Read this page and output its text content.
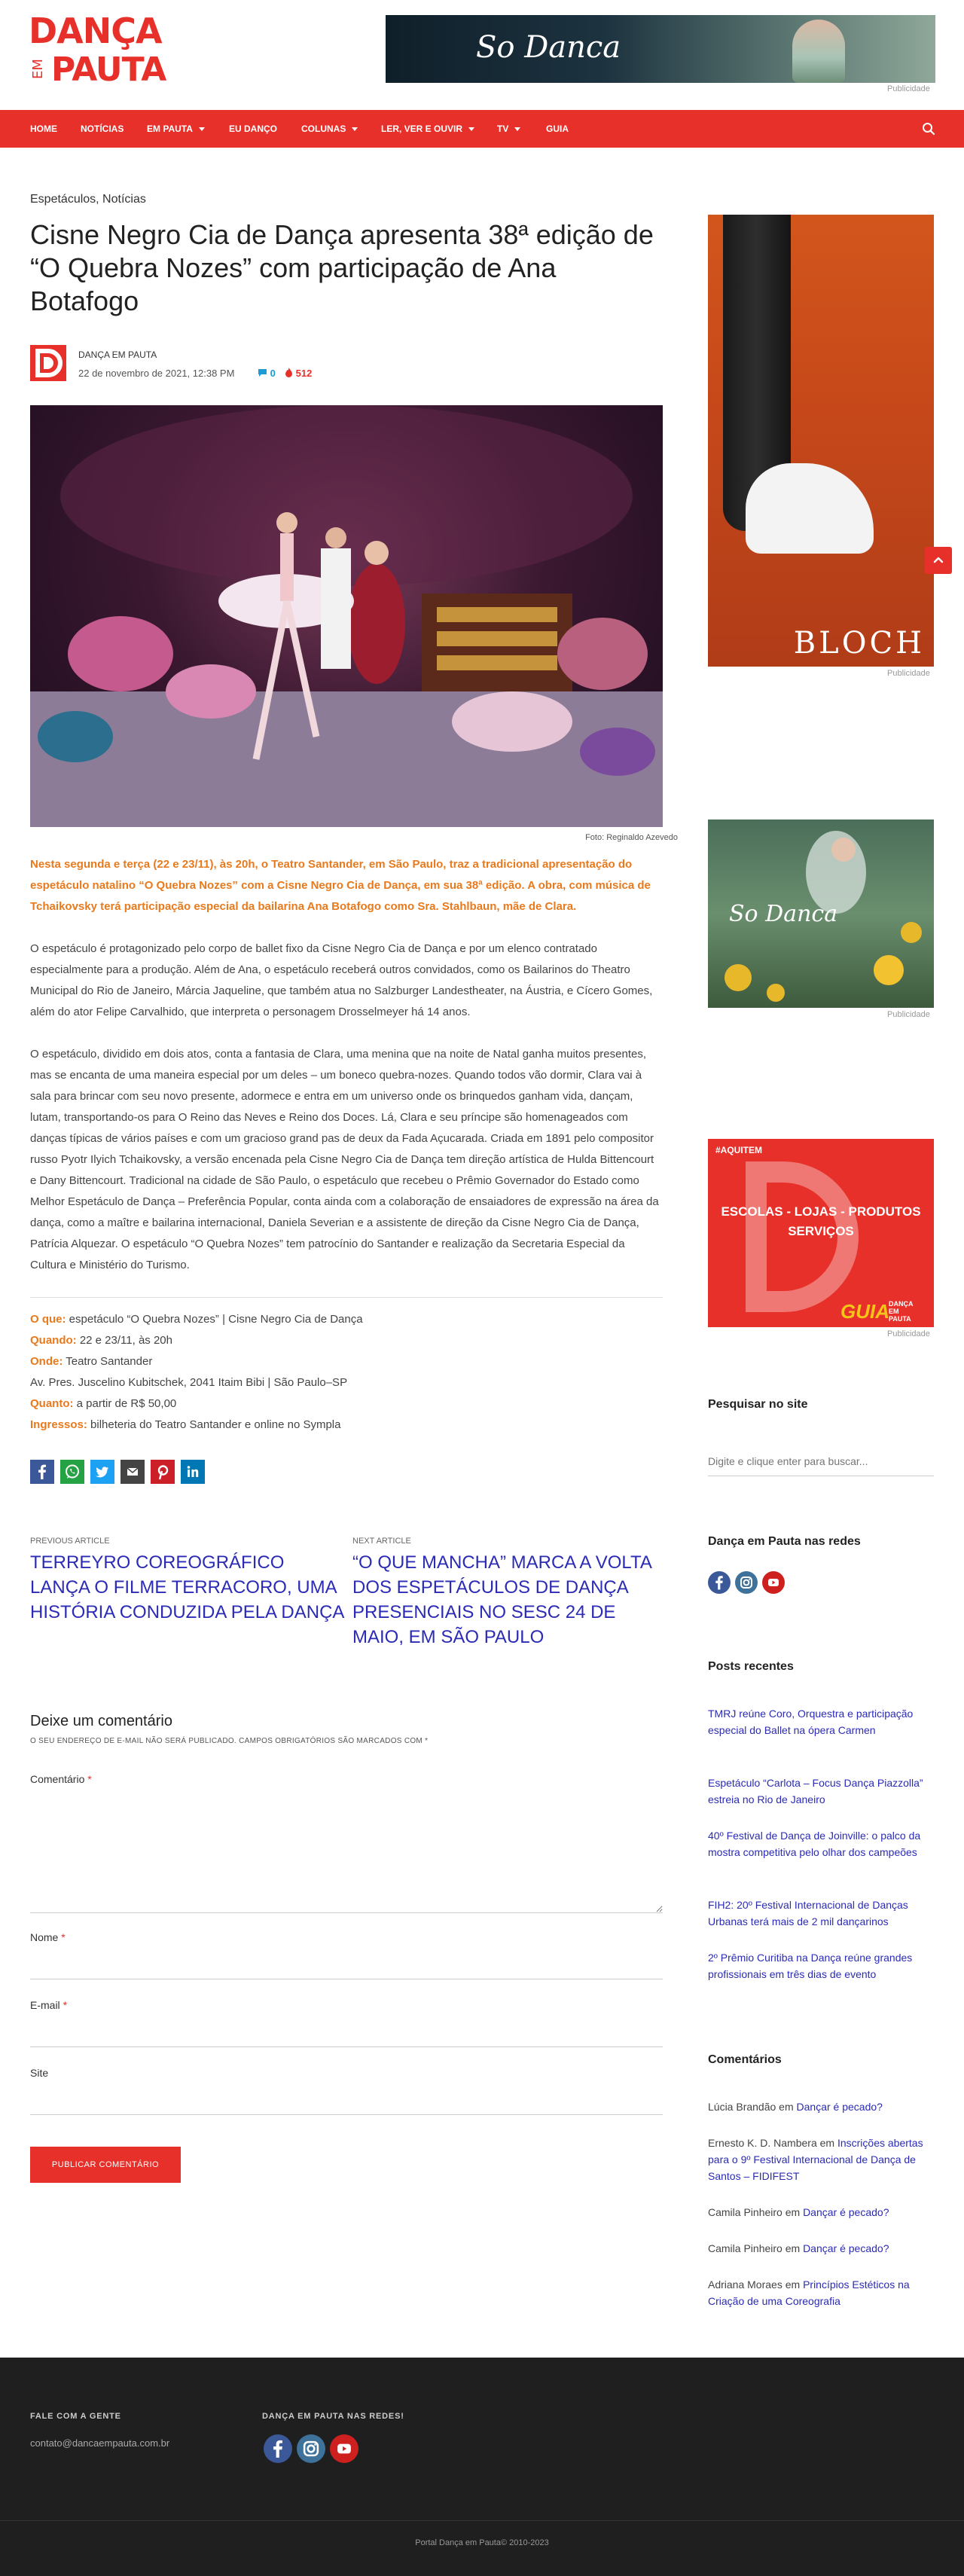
DANÇA
EM PAUTA
So Danca
Publicidade
HOME	NOTÍCIAS	EM PAUTA	EU DANÇO	COLUNAS	LER, VER E OUVIR	TV	GUIA
Espetáculos, Notícias
Cisne Negro Cia de Dança apresenta 38ª edição de “O Quebra Nozes” com participação de Ana Botafogo
DANÇA EM PAUTA
22 de novembro de 2021, 12:38 PM	0	512
Foto: Reginaldo Azevedo

Nesta segunda e terça (22 e 23/11), às 20h, o Teatro Santander, em São Paulo, traz a tradicional apresentação do espetáculo natalino “O Quebra Nozes” com a Cisne Negro Cia de Dança, em sua 38ª edição. A obra, com música de Tchaikovsky terá participação especial da bailarina Ana Botafogo como Sra. Stahlbaun, mãe de Clara.

O espetáculo é protagonizado pelo corpo de ballet fixo da Cisne Negro Cia de Dança e por um elenco contratado especialmente para a produção. Além de Ana, o espetáculo receberá outros convidados, como os Bailarinos do Theatro Municipal do Rio de Janeiro, Márcia Jaqueline, que também atua no Salzburger Landestheater, na Áustria, e Cícero Gomes, além do ator Felipe Carvalhido, que interpreta o personagem Drosselmeyer há 14 anos.

O espetáculo, dividido em dois atos, conta a fantasia de Clara, uma menina que na noite de Natal ganha muitos presentes, mas se encanta de uma maneira especial por um deles – um boneco quebra-nozes. Quando todos vão dormir, Clara vai à sala para brincar com seu novo presente, adormece e entra em um universo onde os brinquedos ganham vida, dançam, lutam, transportando-os para O Reino das Neves e Reino dos Doces. Lá, Clara e seu príncipe são homenageados com danças típicas de vários países e com um gracioso grand pas de deux da Fada Açucarada. Criada em 1891 pelo compositor russo Pyotr Ilyich Tchaikovsky, a versão encenada pela Cisne Negro Cia de Dança tem direção artística de Hulda Bittencourt e Dany Bittencourt. Tradicional na cidade de São Paulo, o espetáculo que recebeu o Prêmio Governador do Estado como Melhor Espetáculo de Dança – Preferência Popular, conta ainda com a colaboração de ensaiadores de expressão na área da dança, como a maître e bailarina internacional, Daniela Severian e a assistente de direção da Cisne Negro Cia de Dança, Patrícia Alquezar. O espetáculo “O Quebra Nozes” tem patrocínio do Santander e realização da Secretaria Especial da Cultura e Ministério do Turismo.

O que: espetáculo “O Quebra Nozes” | Cisne Negro Cia de Dança
Quando: 22 e 23/11, às 20h
Onde: Teatro Santander
Av. Pres. Juscelino Kubitschek, 2041 Itaim Bibi | São Paulo–SP
Quanto: a partir de R$ 50,00
Ingressos: bilheteria do Teatro Santander e online no Sympla
PREVIOUS ARTICLE
TERREYRO COREOGRÁFICO LANÇA O FILME TERRACORO, UMA HISTÓRIA CONDUZIDA PELA DANÇA
NEXT ARTICLE
“O QUE MANCHA” MARCA A VOLTA DOS ESPETÁCULOS DE DANÇA PRESENCIAIS NO SESC 24 DE MAIO, EM SÃO PAULO
Deixe um comentário
O SEU ENDEREÇO DE E-MAIL NÃO SERÁ PUBLICADO. CAMPOS OBRIGATÓRIOS SÃO MARCADOS COM *
Comentário *
Nome *
E-mail *
Site
PUBLICAR COMENTÁRIO
BLOCH
Publicidade
So Danca
Publicidade
#AQUITEM
ESCOLAS - LOJAS - PRODUTOS SERVIÇOS
GUIA DANÇA
EM
PAUTA
Publicidade
Pesquisar no site
Digite e clique enter para buscar...
Dança em Pauta nas redes
Posts recentes
TMRJ reúne Coro, Orquestra e participação especial do Ballet na ópera Carmen
Espetáculo “Carlota – Focus Dança Piazzolla” estreia no Rio de Janeiro
40º Festival de Dança de Joinville: o palco da mostra competitiva pelo olhar dos campeões
FIH2: 20º Festival Internacional de Danças Urbanas terá mais de 2 mil dançarinos
2º Prêmio Curitiba na Dança reúne grandes profissionais em três dias de evento
Comentários
Lúcia Brandão em Dançar é pecado?
Ernesto K. D. Nambera em Inscrições abertas para o 9º Festival Internacional de Dança de Santos – FIDIFEST
Camila Pinheiro em Dançar é pecado?
Camila Pinheiro em Dançar é pecado?
Adriana Moraes em Princípios Estéticos na Criação de uma Coreografia
FALE COM A GENTE
contato@dancaempauta.com.br
DANÇA EM PAUTA NAS REDES!
Portal Dança em Pauta© 2010-2023
